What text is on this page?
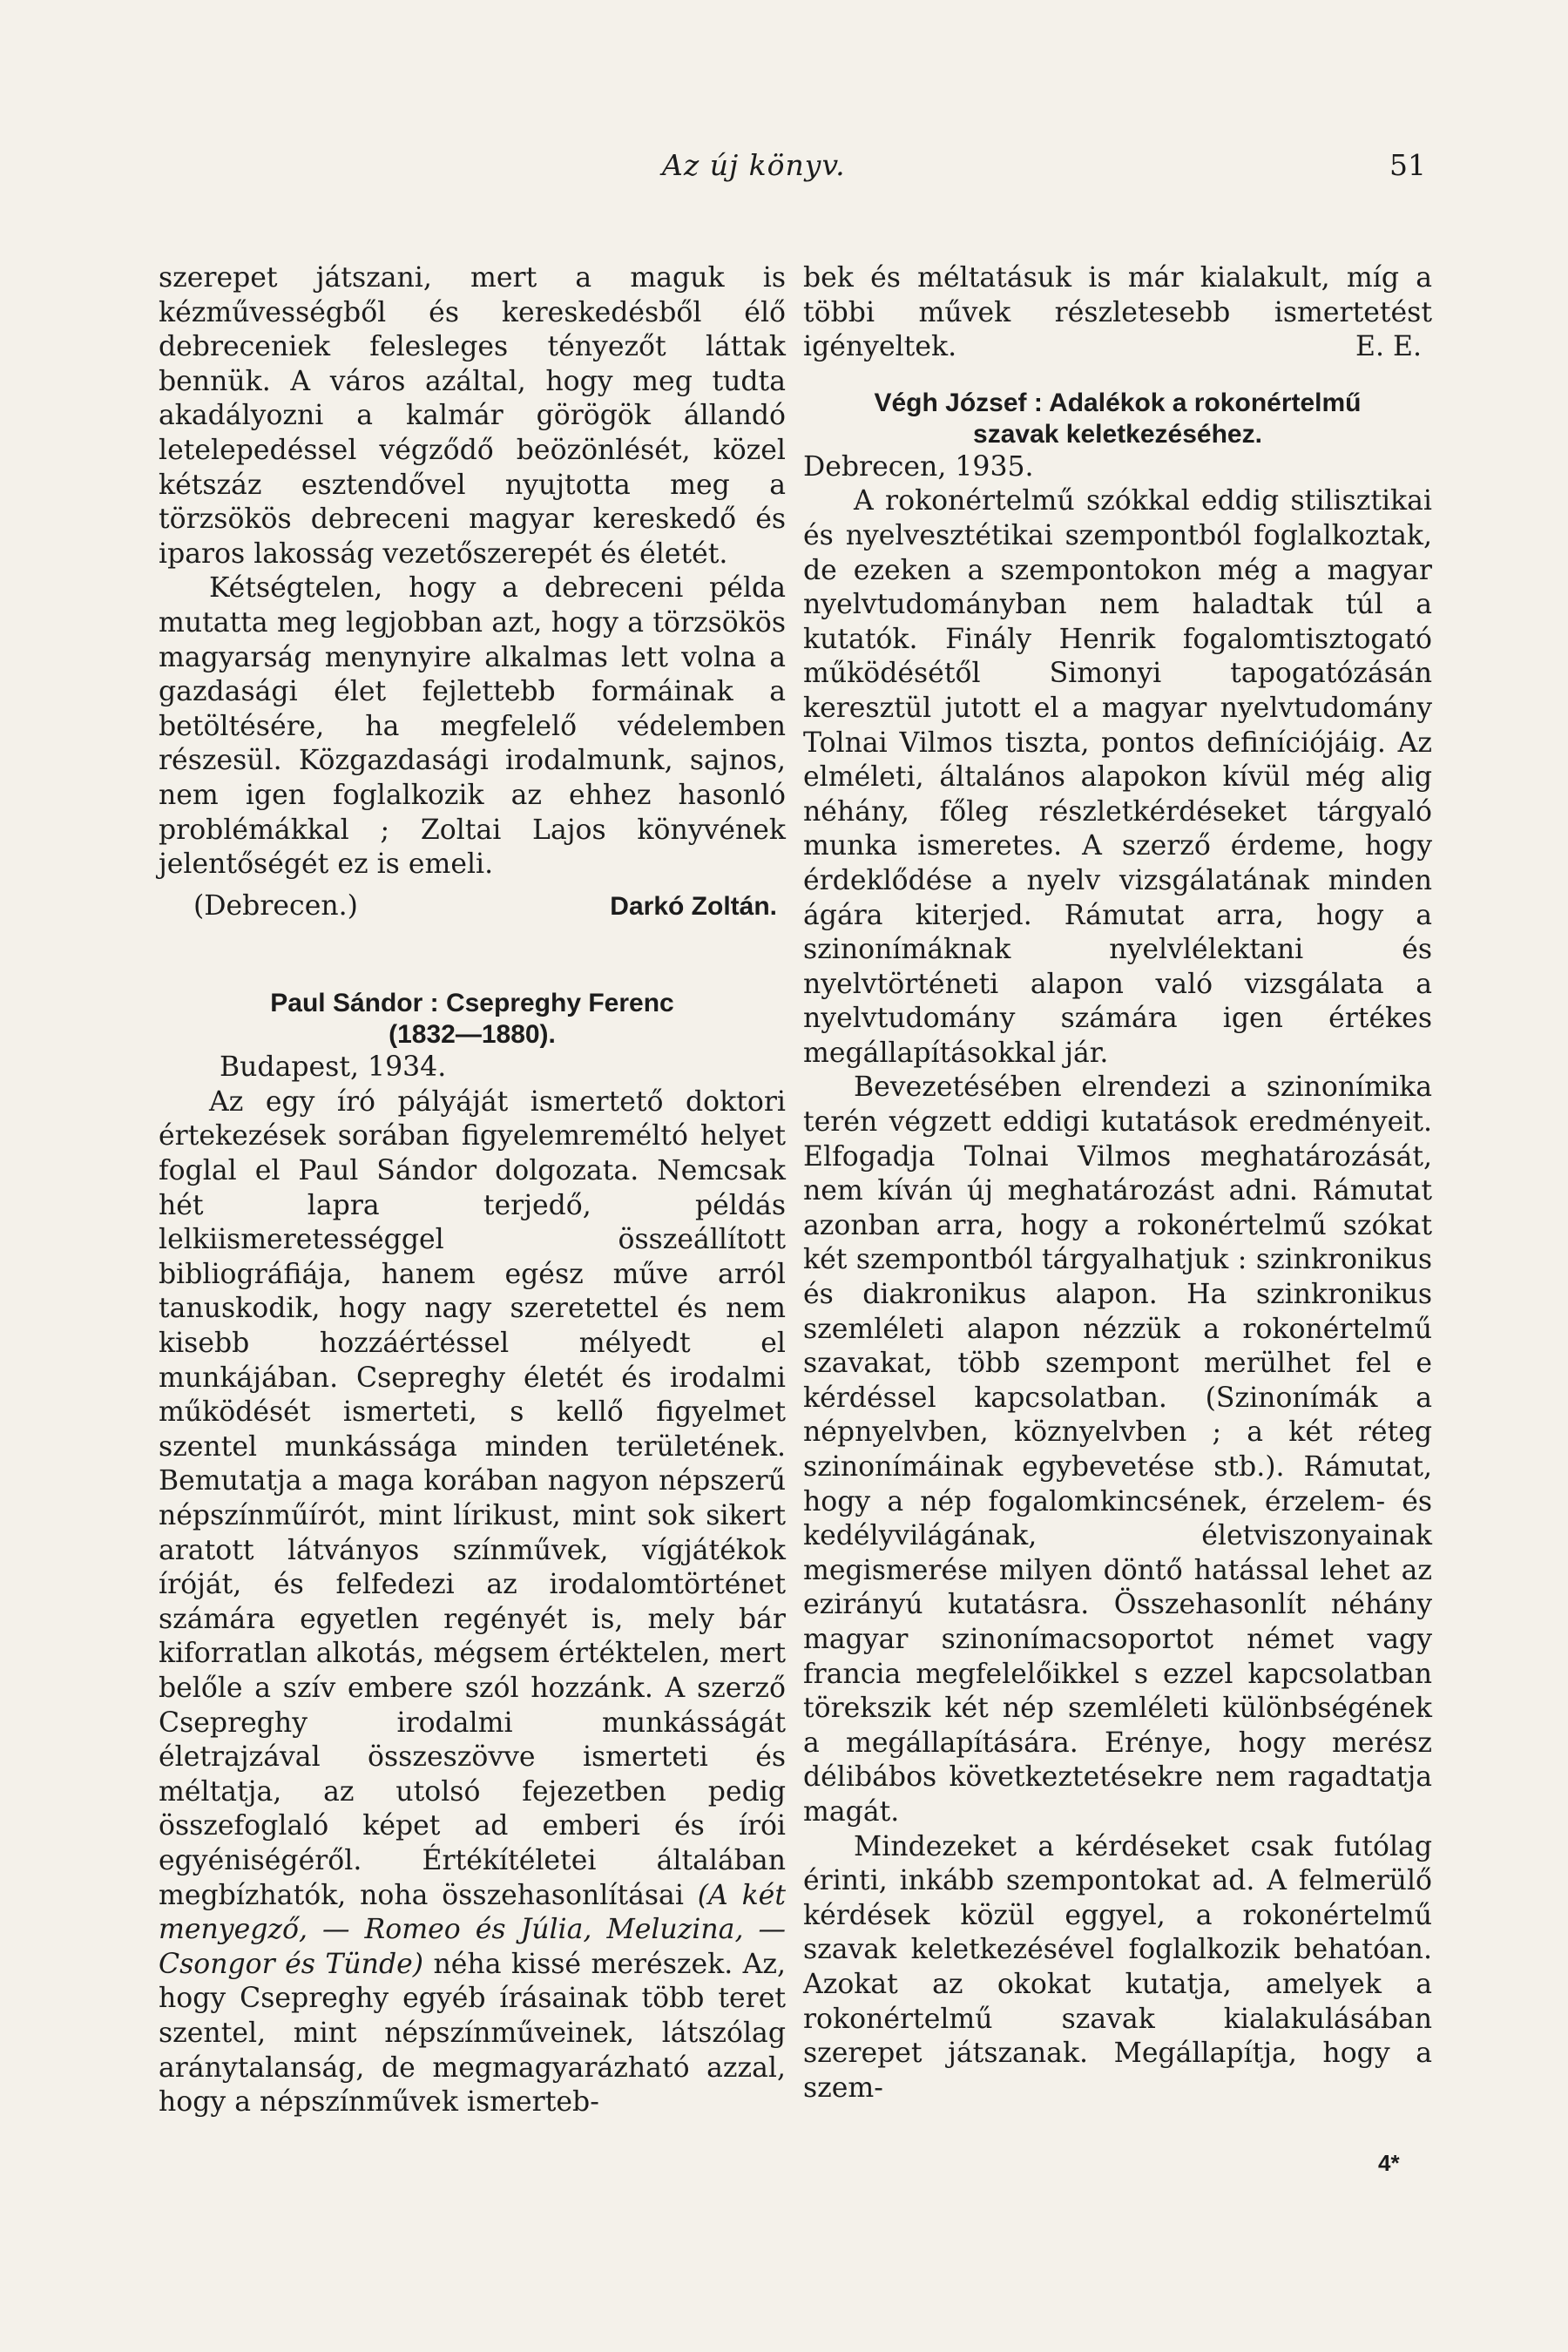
Az új könyv.	51

szerepet játszani, mert a maguk is kézművességből és kereskedésből élő debreceniek felesleges tényezőt láttak bennük. A város azáltal, hogy meg tudta akadályozni a kalmár görögök állandó letelepedéssel végződő beözönlését, közel kétszáz esztendővel nyujtotta meg a törzsökös debreceni magyar kereskedő és iparos lakosság vezetőszerepét és életét.

Kétségtelen, hogy a debreceni példa mutatta meg legjobban azt, hogy a törzsökös magyarság menynyire alkalmas lett volna a gazdasági élet fejlettebb formáinak a betöltésére, ha megfelelő védelemben részesül. Közgazdasági irodalmunk, sajnos, nem igen foglalkozik az ehhez hasonló problémákkal ; Zoltai Lajos könyvének jelentőségét ez is emeli.

(Debrecen.)	Darkó Zoltán.
Paul Sándor : Csepreghy Ferenc
(1832—1880).

Budapest, 1934.

Az egy író pályáját ismertető doktori értekezések sorában figyelemreméltó helyet foglal el Paul Sándor dolgozata. Nemcsak hét lapra terjedő, példás lelkiismeretességgel összeállított bibliográfiája, hanem egész műve arról tanuskodik, hogy nagy szeretettel és nem kisebb hozzáértéssel mélyedt el munkájában. Csepreghy életét és irodalmi működését ismerteti, s kellő figyelmet szentel munkássága minden területének. Bemutatja a maga korában nagyon népszerű népszínműírót, mint lírikust, mint sok sikert aratott látványos színművek, vígjátékok íróját, és felfedezi az irodalomtörténet számára egyetlen regényét is, mely bár kiforratlan alkotás, mégsem értéktelen, mert belőle a szív embere szól hozzánk. A szerző Csepreghy irodalmi munkásságát életrajzával összeszövve ismerteti és méltatja, az utolsó fejezetben pedig összefoglaló képet ad emberi és írói egyéniségéről. Értékítéletei általában megbízhatók, noha összehasonlításai (A két menyegző, — Romeo és Júlia, Meluzina, — Csongor és Tünde) néha kissé merészek. Az, hogy Csepreghy egyéb írásainak több teret szentel, mint népszínműveinek, látszólag aránytalanság, de megmagyarázható azzal, hogy a népszínművek ismerteb-

bek és méltatásuk is már kialakult, míg a többi művek részletesebb ismertetést igényeltek.	E. E.
Végh József : Adalékok a rokonértelmű
szavak keletkezéséhez.

Debrecen, 1935.

A rokonértelmű szókkal eddig stilisztikai és nyelvesztétikai szempontból foglalkoztak, de ezeken a szempontokon még a magyar nyelvtudományban nem haladtak túl a kutatók. Finály Henrik fogalomtisztogató működésétől Simonyi tapogatózásán keresztül jutott el a magyar nyelvtudomány Tolnai Vilmos tiszta, pontos definíciójáig. Az elméleti, általános alapokon kívül még alig néhány, főleg részletkérdéseket tárgyaló munka ismeretes. A szerző érdeme, hogy érdeklődése a nyelv vizsgálatának minden ágára kiterjed. Rámutat arra, hogy a szinonímáknak nyelvlélektani és nyelvtörténeti alapon való vizsgálata a nyelvtudomány számára igen értékes megállapításokkal jár.

Bevezetésében elrendezi a szinonímika terén végzett eddigi kutatások eredményeit. Elfogadja Tolnai Vilmos meghatározását, nem kíván új meghatározást adni. Rámutat azonban arra, hogy a rokonértelmű szókat két szempontból tárgyalhatjuk : szinkronikus és diakronikus alapon. Ha szinkronikus szemléleti alapon nézzük a rokonértelmű szavakat, több szempont merülhet fel e kérdéssel kapcsolatban. (Szinonímák a népnyelvben, köznyelvben ; a két réteg szinonímáinak egybevetése stb.). Rámutat, hogy a nép fogalomkincsének, érzelem- és kedélyvilágának, életviszonyainak megismerése milyen döntő hatással lehet az ezirányú kutatásra. Összehasonlít néhány magyar szinonímacsoportot német vagy francia megfelelőikkel s ezzel kapcsolatban törekszik két nép szemléleti különbségének a megállapítására. Erénye, hogy merész délibábos következtetésekre nem ragadtatja magát.

Mindezeket a kérdéseket csak futólag érinti, inkább szempontokat ad. A felmerülő kérdések közül eggyel, a rokonértelmű szavak keletkezésével foglalkozik behatóan. Azokat az okokat kutatja, amelyek a rokonértelmű szavak kialakulásában szerepet játszanak. Megállapítja, hogy a szem-

4*
